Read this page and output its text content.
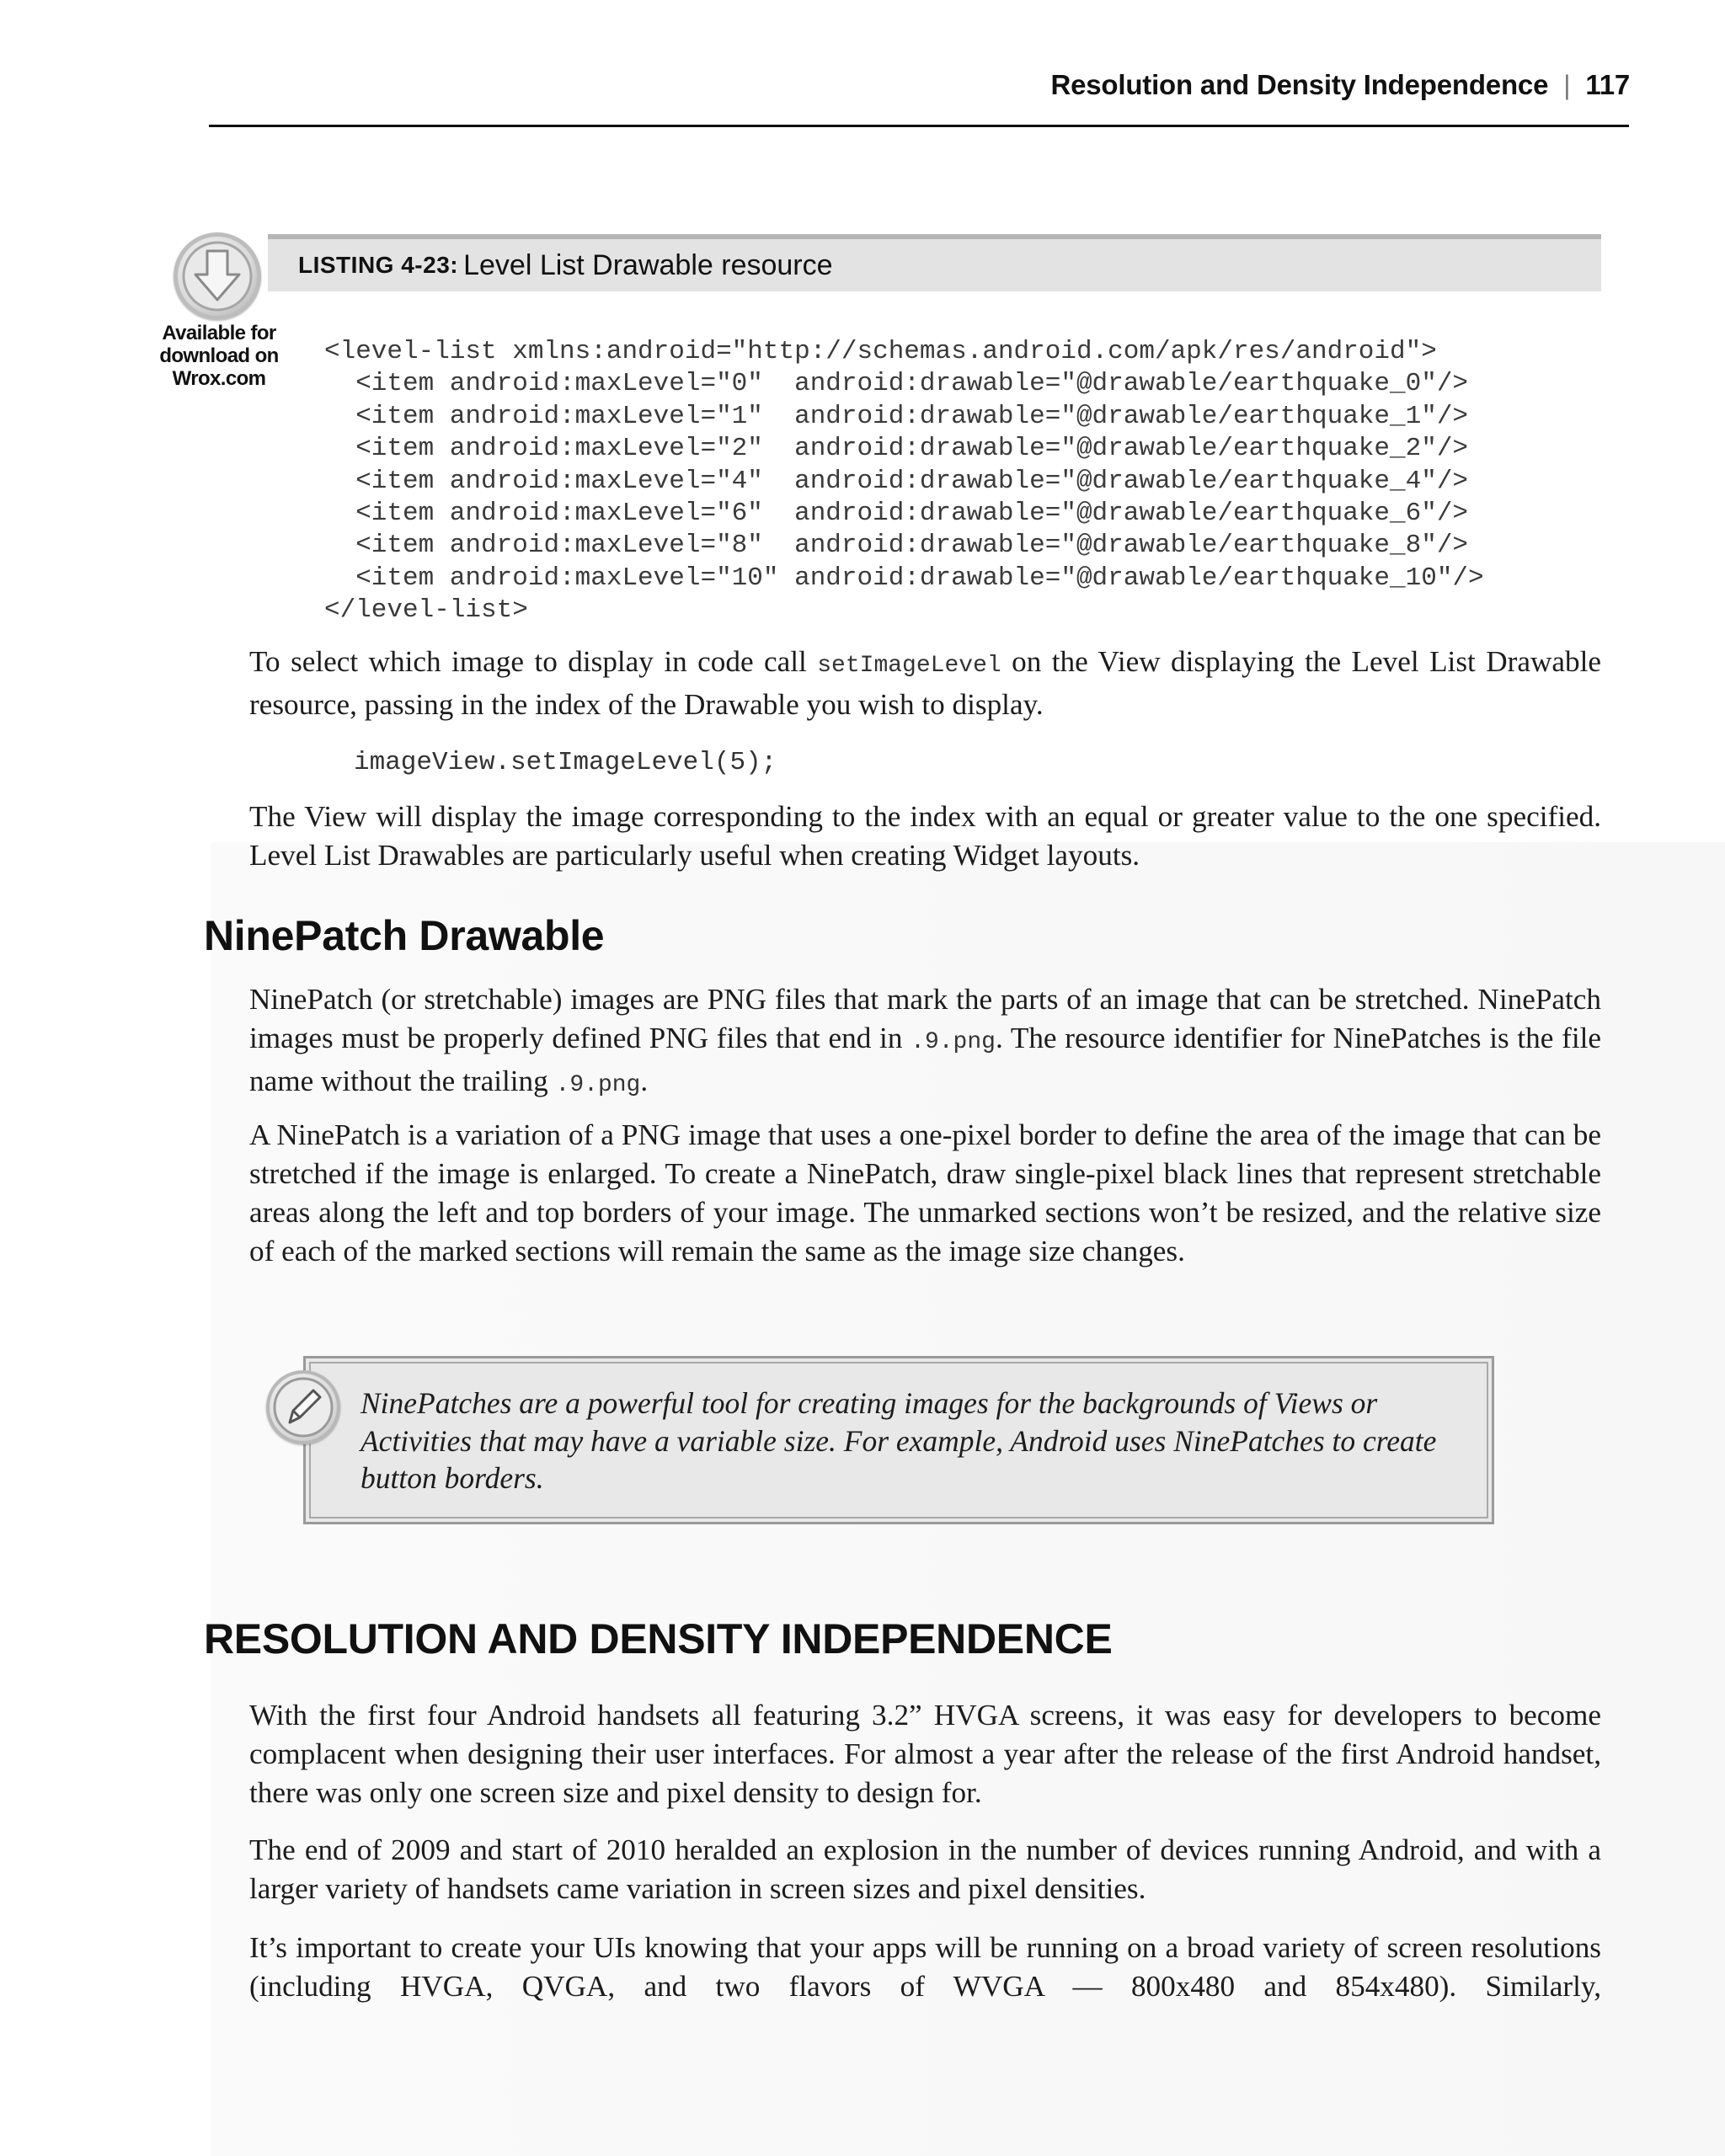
Resolution and Density Independence | 117
Available for
download on
Wrox.com
LISTING 4-23: Level List Drawable resource
<level-list xmlns:android="http://schemas.android.com/apk/res/android">
<item android:maxLevel="0"  android:drawable="@drawable/earthquake_0"/>
<item android:maxLevel="1"  android:drawable="@drawable/earthquake_1"/>
<item android:maxLevel="2"  android:drawable="@drawable/earthquake_2"/>
<item android:maxLevel="4"  android:drawable="@drawable/earthquake_4"/>
<item android:maxLevel="6"  android:drawable="@drawable/earthquake_6"/>
<item android:maxLevel="8"  android:drawable="@drawable/earthquake_8"/>
<item android:maxLevel="10" android:drawable="@drawable/earthquake_10"/>
</level-list>

To select which image to display in code call setImageLevel on the View displaying the Level List Drawable resource, passing in the index of the Drawable you wish to display.

imageView.setImageLevel(5);

The View will display the image corresponding to the index with an equal or greater value to the one specified. Level List Drawables are particularly useful when creating Widget layouts.

NinePatch Drawable

NinePatch (or stretchable) images are PNG files that mark the parts of an image that can be stretched. NinePatch images must be properly defined PNG files that end in .9.png. The resource identifier for NinePatches is the file name without the trailing .9.png.

A NinePatch is a variation of a PNG image that uses a one-pixel border to define the area of the image that can be stretched if the image is enlarged. To create a NinePatch, draw single-pixel black lines that represent stretchable areas along the left and top borders of your image. The unmarked sections won’t be resized, and the relative size of each of the marked sections will remain the same as the image size changes.

NinePatches are a powerful tool for creating images for the backgrounds of Views or Activities that may have a variable size. For example, Android uses NinePatches to create button borders.

RESOLUTION AND DENSITY INDEPENDENCE

With the first four Android handsets all featuring 3.2” HVGA screens, it was easy for developers to become complacent when designing their user interfaces. For almost a year after the release of the first Android handset, there was only one screen size and pixel density to design for.

The end of 2009 and start of 2010 heralded an explosion in the number of devices running Android, and with a larger variety of handsets came variation in screen sizes and pixel densities.

It’s important to create your UIs knowing that your apps will be running on a broad variety of screen resolutions (including HVGA, QVGA, and two flavors of WVGA — 800x480 and 854x480). Similarly,
